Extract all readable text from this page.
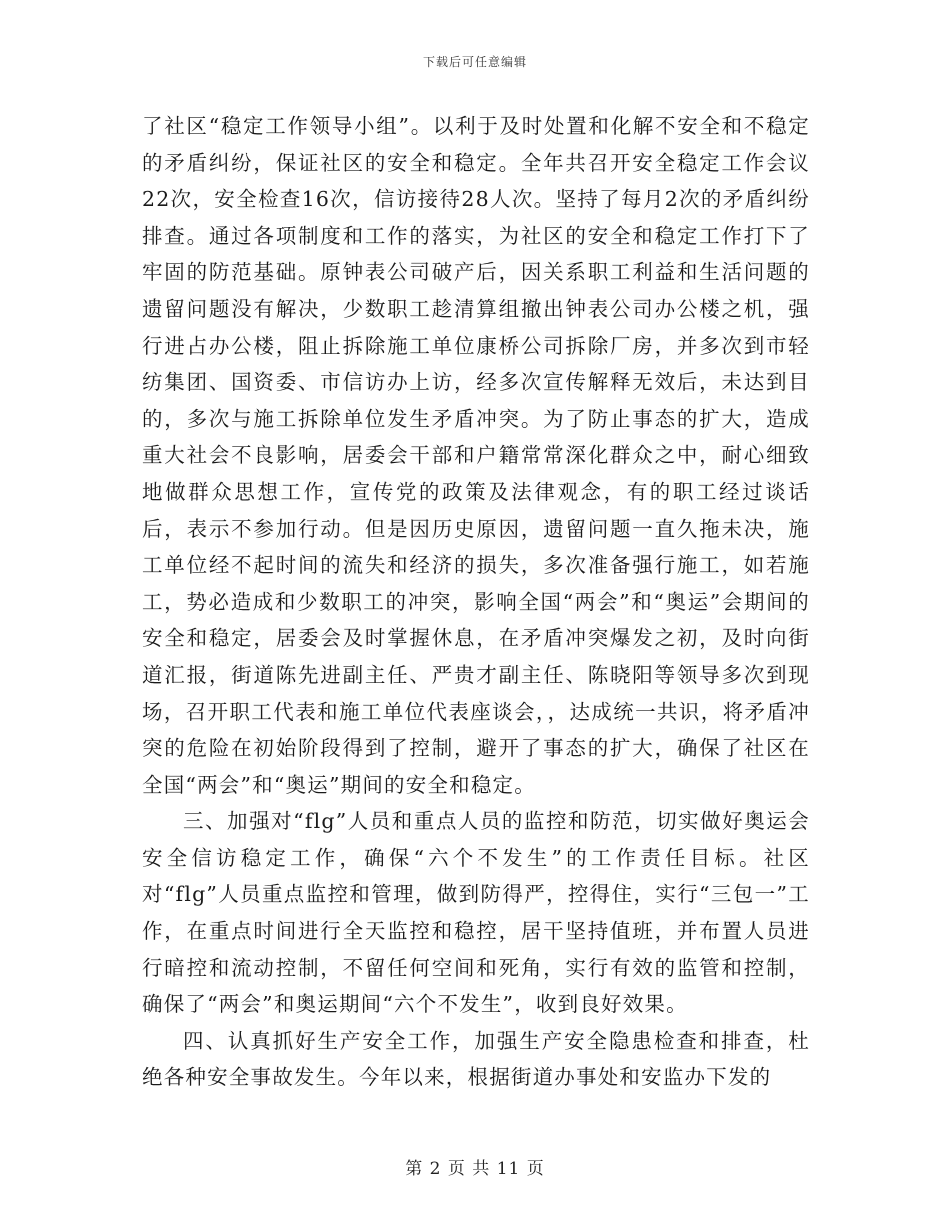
下载后可任意编辑

了社区“稳定工作领导小组”。以利于及时处置和化解不安全和不稳定的矛盾纠纷，保证社区的安全和稳定。全年共召开安全稳定工作会议22次，安全检查16次，信访接待28人次。坚持了每月2次的矛盾纠纷排查。通过各项制度和工作的落实，为社区的安全和稳定工作打下了牢固的防范基础。原钟表公司破产后，因关系职工利益和生活问题的遗留问题没有解决，少数职工趁清算组撤出钟表公司办公楼之机，强行进占办公楼，阻止拆除施工单位康桥公司拆除厂房，并多次到市轻纺集团、国资委、市信访办上访，经多次宣传解释无效后，未达到目的，多次与施工拆除单位发生矛盾冲突。为了防止事态的扩大，造成重大社会不良影响，居委会干部和户籍常常深化群众之中，耐心细致地做群众思想工作，宣传党的政策及法律观念，有的职工经过谈话后，表示不参加行动。但是因历史原因，遗留问题一直久拖未决，施工单位经不起时间的流失和经济的损失，多次准备强行施工，如若施工，势必造成和少数职工的冲突，影响全国“两会”和“奥运”会期间的安全和稳定，居委会及时掌握休息，在矛盾冲突爆发之初，及时向街道汇报，街道陈先进副主任、严贵才副主任、陈晓阳等领导多次到现场，召开职工代表和施工单位代表座谈会，，达成统一共识，将矛盾冲突的危险在初始阶段得到了控制，避开了事态的扩大，确保了社区在全国“两会”和“奥运”期间的安全和稳定。

三、加强对“flg”人员和重点人员的监控和防范，切实做好奥运会安全信访稳定工作，确保“六个不发生”的工作责任目标。社区对“flg”人员重点监控和管理，做到防得严，控得住，实行“三包一”工作，在重点时间进行全天监控和稳控，居干坚持值班，并布置人员进行暗控和流动控制，不留任何空间和死角，实行有效的监管和控制，确保了“两会”和奥运期间“六个不发生”，收到良好效果。

四、认真抓好生产安全工作，加强生产安全隐患检查和排查，杜绝各种安全事故发生。今年以来，根据街道办事处和安监办下发的

第 2 页 共 11 页
